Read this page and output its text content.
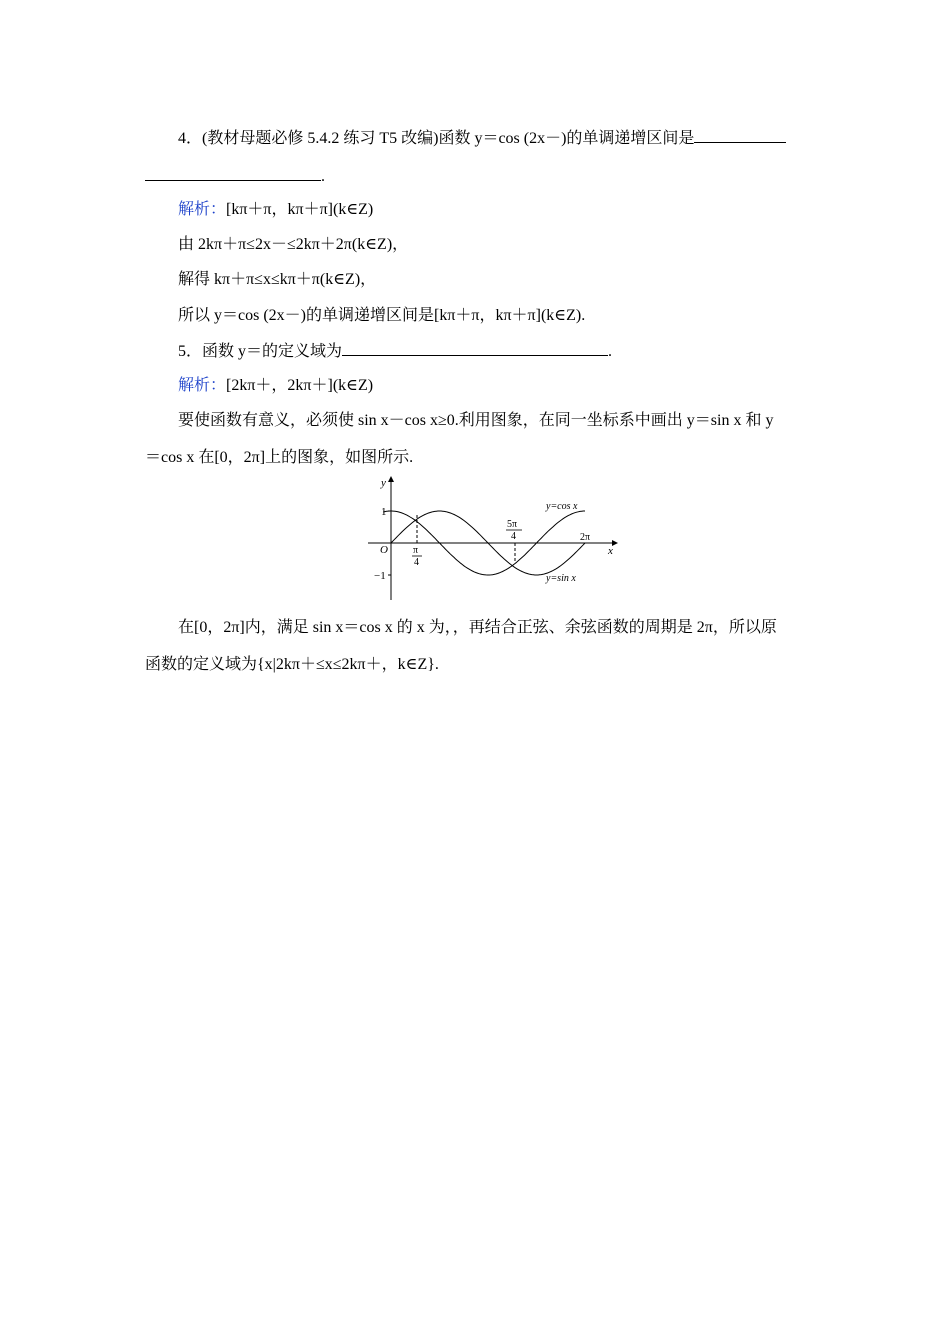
4．(教材母题必修 5.4.2 练习 T5 改编)函数 y＝cos (2x－)的单调递增区间是
.
解析：[kπ＋π，kπ＋π](k∈Z)
由 2kπ＋π≤2x－≤2kπ＋2π(k∈Z)，
解得 kπ＋π≤x≤kπ＋π(k∈Z)，
所以 y＝cos (2x－)的单调递增区间是[kπ＋π，kπ＋π](k∈Z).
5．函数 y＝的定义域为	.
解析：[2kπ＋，2kπ＋](k∈Z)
要使函数有意义，必须使 sin x－cos x≥0.利用图象，在同一坐标系中画出 y＝sin x 和 y
＝cos x 在[0，2π]上的图象，如图所示.
y
x
O
1
−1
π
4
5π
4	2π
y=cos x
y=sin x
在[0，2π]内，满足 sin x＝cos x 的 x 为，，再结合正弦、余弦函数的周期是 2π，所以原
函数的定义域为{x|2kπ＋≤x≤2kπ＋，k∈Z}.
